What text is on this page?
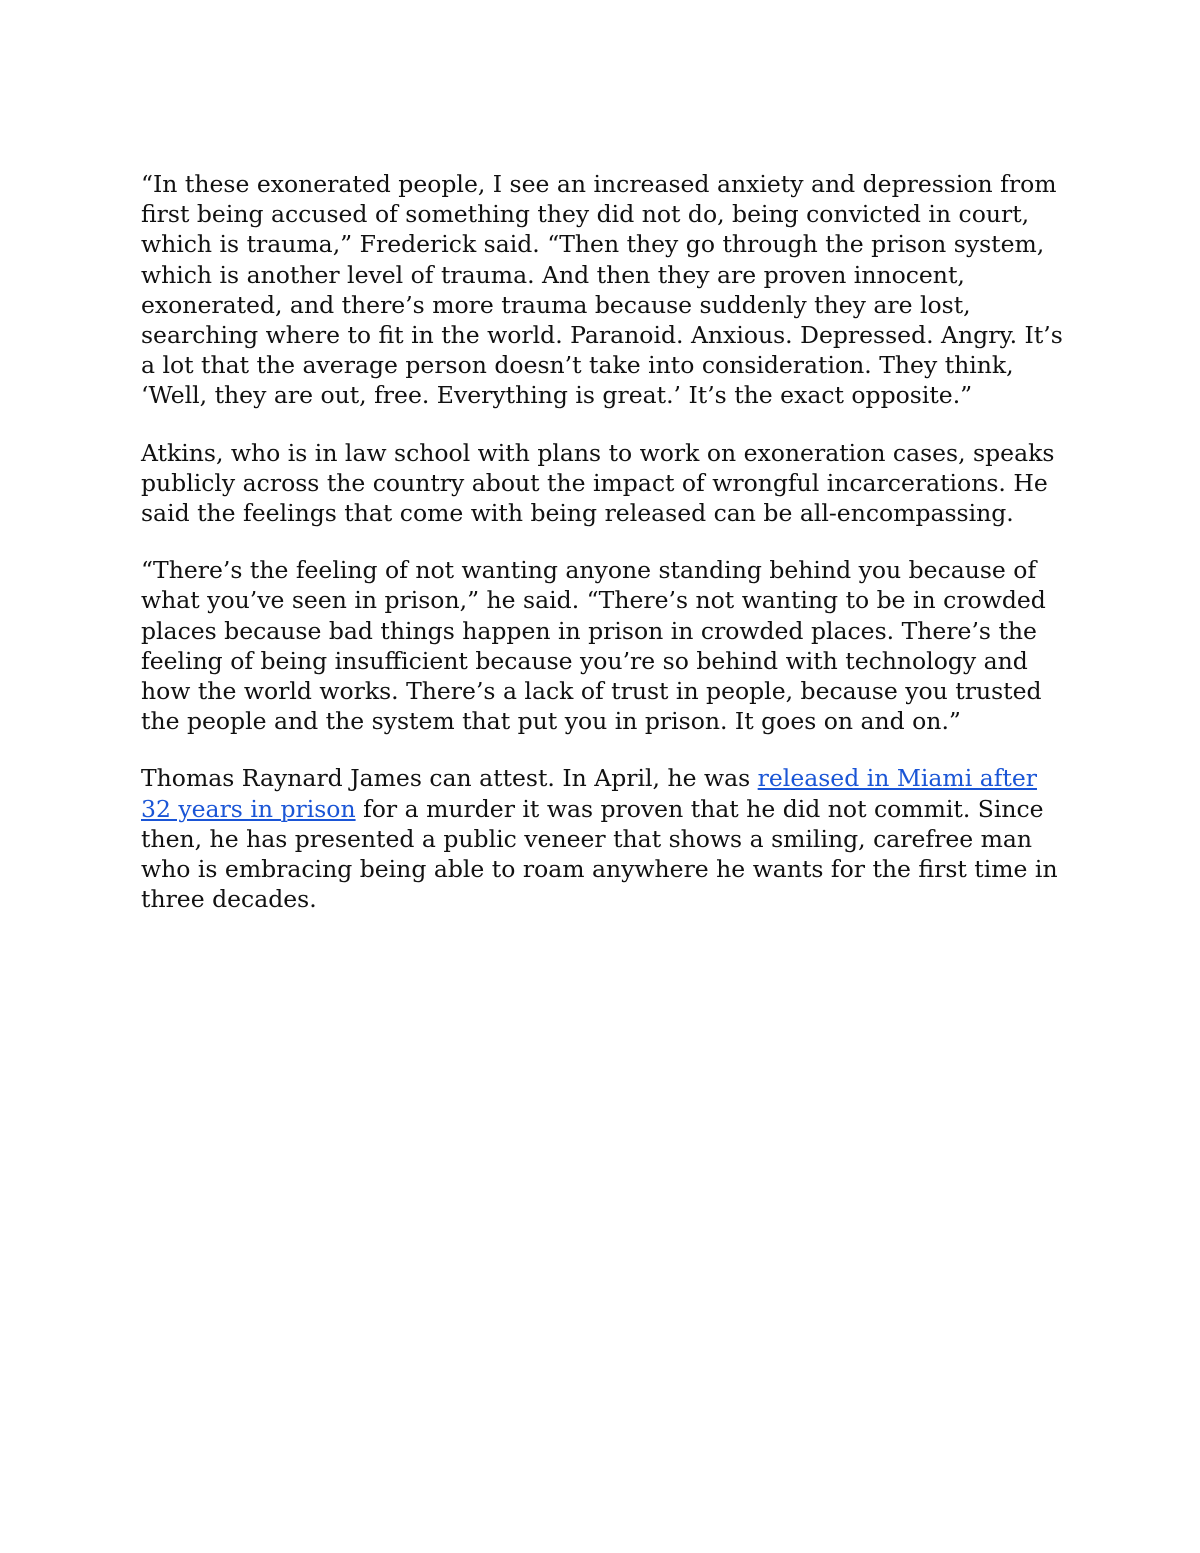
“In these exonerated people, I see an increased anxiety and depression from first being accused of something they did not do, being convicted in court, which is trauma,” Frederick said. “Then they go through the prison system, which is another level of trauma. And then they are proven innocent, exonerated, and there’s more trauma because suddenly they are lost, searching where to fit in the world. Paranoid. Anxious. Depressed. Angry. It’s a lot that the average person doesn’t take into consideration. They think, ‘Well, they are out, free. Everything is great.’ It’s the exact opposite.”

Atkins, who is in law school with plans to work on exoneration cases, speaks publicly across the country about the impact of wrongful incarcerations. He said the feelings that come with being released can be all-encompassing.

“There’s the feeling of not wanting anyone standing behind you because of what you’ve seen in prison,” he said. “There’s not wanting to be in crowded places because bad things happen in prison in crowded places. There’s the feeling of being insufficient because you’re so behind with technology and how the world works. There’s a lack of trust in people, because you trusted the people and the system that put you in prison. It goes on and on.”

Thomas Raynard James can attest. In April, he was released in Miami after 32 years in prison for a murder it was proven that he did not commit. Since then, he has presented a public veneer that shows a smiling, carefree man who is embracing being able to roam anywhere he wants for the first time in three decades.
